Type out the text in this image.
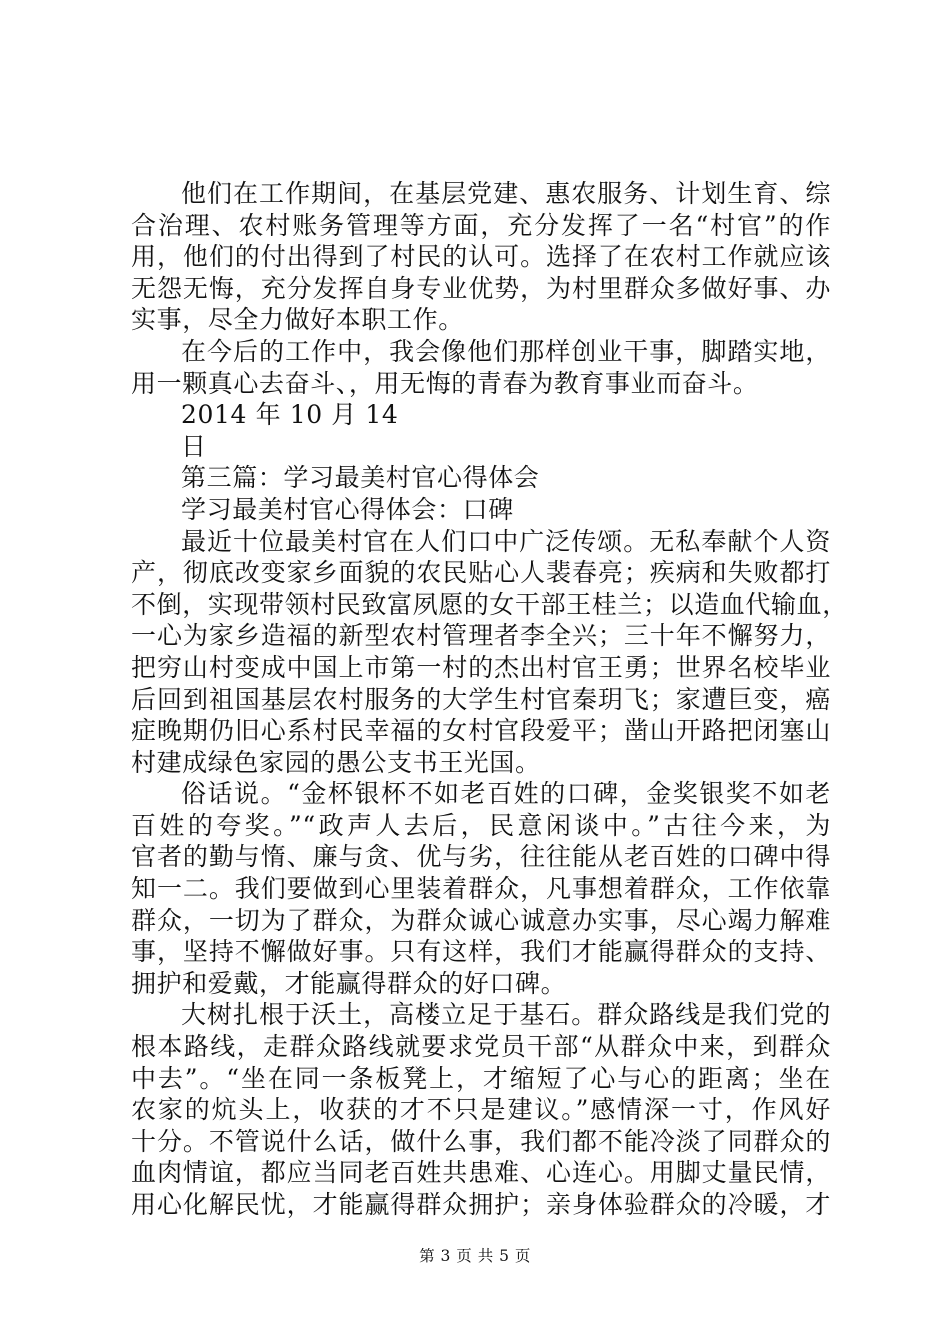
他们在工作期间，在基层党建、惠农服务、计划生育、综
合治理、农村账务管理等方面，充分发挥了一名“村官”的作
用，他们的付出得到了村民的认可。选择了在农村工作就应该
无怨无悔，充分发挥自身专业优势，为村里群众多做好事、办
实事，尽全力做好本职工作。
在今后的工作中，我会像他们那样创业干事，脚踏实地，
用一颗真心去奋斗、，用无悔的青春为教育事业而奋斗。
2014 年 10 月 14
日
第三篇：学习最美村官心得体会
学习最美村官心得体会：口碑
最近十位最美村官在人们口中广泛传颂。无私奉献个人资
产，彻底改变家乡面貌的农民贴心人裴春亮；疾病和失败都打
不倒，实现带领村民致富夙愿的女干部王桂兰；以造血代输血，
一心为家乡造福的新型农村管理者李全兴；三十年不懈努力，
把穷山村变成中国上市第一村的杰出村官王勇；世界名校毕业
后回到祖国基层农村服务的大学生村官秦玥飞；家遭巨变，癌
症晚期仍旧心系村民幸福的女村官段爱平；凿山开路把闭塞山
村建成绿色家园的愚公支书王光国。
俗话说。“金杯银杯不如老百姓的口碑，金奖银奖不如老
百姓的夸奖。”“政声人去后，民意闲谈中。”古往今来，为
官者的勤与惰、廉与贪、优与劣，往往能从老百姓的口碑中得
知一二。我们要做到心里装着群众，凡事想着群众，工作依靠
群众，一切为了群众，为群众诚心诚意办实事，尽心竭力解难
事，坚持不懈做好事。只有这样，我们才能赢得群众的支持、
拥护和爱戴，才能赢得群众的好口碑。
大树扎根于沃土，高楼立足于基石。群众路线是我们党的
根本路线，走群众路线就要求党员干部“从群众中来，到群众
中去”。“坐在同一条板凳上，才缩短了心与心的距离；坐在
农家的炕头上，收获的才不只是建议。”感情深一寸，作风好
十分。不管说什么话，做什么事，我们都不能冷淡了同群众的
血肉情谊，都应当同老百姓共患难、心连心。用脚丈量民情，
用心化解民忧，才能赢得群众拥护；亲身体验群众的冷暖，才
第 3 页 共 5 页
